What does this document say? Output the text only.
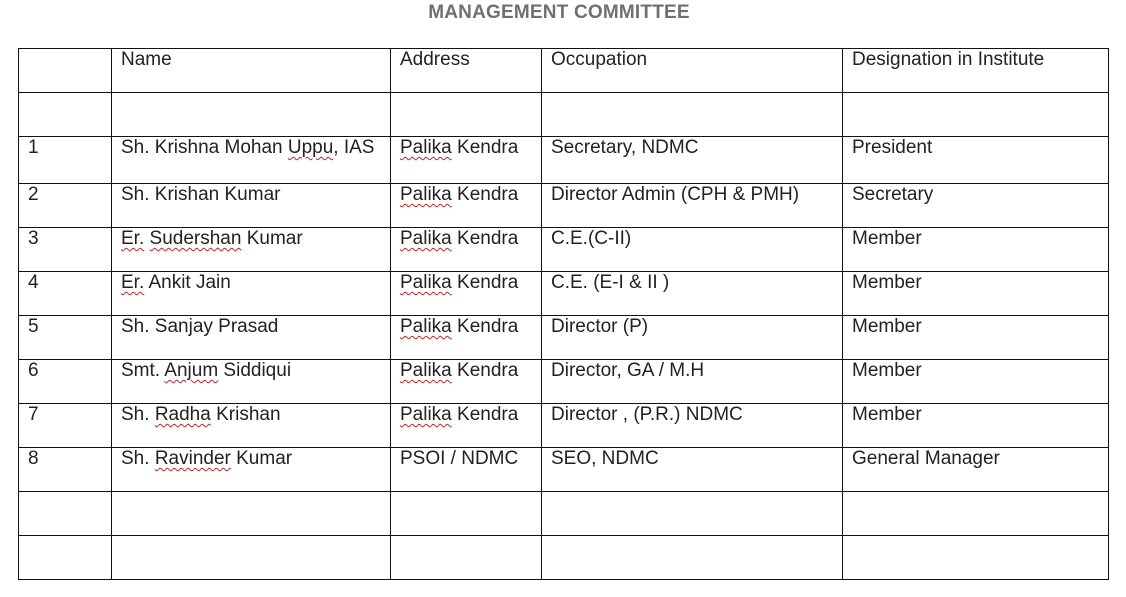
MANAGEMENT COMMITTEE
	Name	Address	Occupation	Designation in Institute

1	Sh. Krishna Mohan Uppu, IAS	Palika Kendra	Secretary, NDMC	President
2	Sh. Krishan Kumar	Palika Kendra	Director Admin (CPH & PMH)	Secretary
3	Er. Sudershan Kumar	Palika Kendra	C.E.(C-II)	Member
4	Er. Ankit Jain	Palika Kendra	C.E. (E-I & II )	Member
5	Sh. Sanjay Prasad	Palika Kendra	Director (P)	Member
6	Smt. Anjum Siddiqui	Palika Kendra	Director, GA / M.H	Member
7	Sh. Radha Krishan	Palika Kendra	Director , (P.R.) NDMC	Member
8	Sh. Ravinder Kumar	PSOI / NDMC	SEO, NDMC	General Manager
